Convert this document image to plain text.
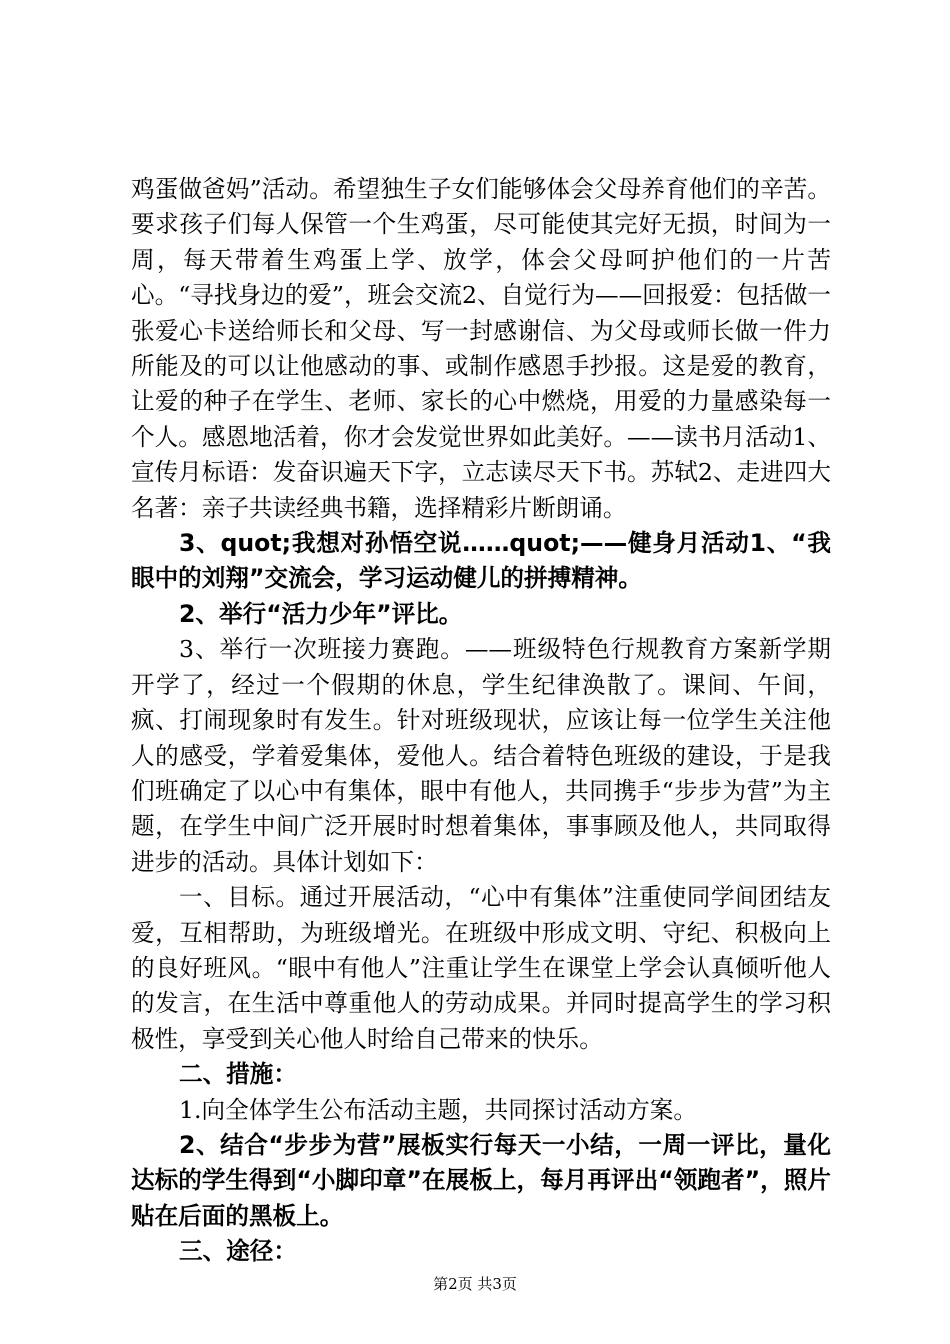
鸡蛋做爸妈”活动。希望独生子女们能够体会父母养育他们的辛苦。要求孩子们每人保管一个生鸡蛋，尽可能使其完好无损，时间为一周，每天带着生鸡蛋上学、放学，体会父母呵护他们的一片苦心。“寻找身边的爱”，班会交流2、自觉行为——回报爱：包括做一张爱心卡送给师长和父母、写一封感谢信、为父母或师长做一件力所能及的可以让他感动的事、或制作感恩手抄报。这是爱的教育，让爱的种子在学生、老师、家长的心中燃烧，用爱的力量感染每一个人。感恩地活着，你才会发觉世界如此美好。——读书月活动1、宣传月标语：发奋识遍天下字，立志读尽天下书。苏轼2、走进四大名著：亲子共读经典书籍，选择精彩片断朗诵。

3、quot;我想对孙悟空说……quot;——健身月活动1、“我眼中的刘翔”交流会，学习运动健儿的拼搏精神。

2、举行“活力少年”评比。

3、举行一次班接力赛跑。——班级特色行规教育方案新学期开学了，经过一个假期的休息，学生纪律涣散了。课间、午间，疯、打闹现象时有发生。针对班级现状，应该让每一位学生关注他人的感受，学着爱集体，爱他人。结合着特色班级的建设，于是我们班确定了以心中有集体，眼中有他人，共同携手“步步为营”为主题，在学生中间广泛开展时时想着集体，事事顾及他人，共同取得进步的活动。具体计划如下：

一、目标。通过开展活动，“心中有集体”注重使同学间团结友爱，互相帮助，为班级增光。在班级中形成文明、守纪、积极向上的良好班风。“眼中有他人”注重让学生在课堂上学会认真倾听他人的发言，在生活中尊重他人的劳动成果。并同时提高学生的学习积极性，享受到关心他人时给自己带来的快乐。

二、措施：

1.向全体学生公布活动主题，共同探讨活动方案。

2、结合“步步为营”展板实行每天一小结，一周一评比，量化达标的学生得到“小脚印章”在展板上，每月再评出“领跑者”，照片贴在后面的黑板上。

三、途径：

第2页 共3页
